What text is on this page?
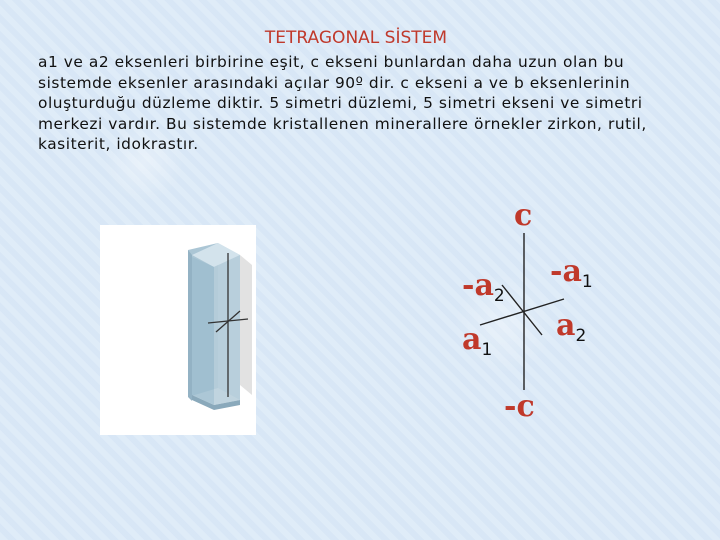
TETRAGONAL SİSTEM
a1 ve a2 eksenleri birbirine eşit, c ekseni bunlardan daha uzun olan bu sistemde eksenler arasındaki açılar 90º dir. c ekseni a ve b eksenlerinin oluşturduğu düzleme diktir. 5 simetri düzlemi, 5 simetri ekseni ve simetri merkezi vardır. Bu sistemde kristallenen minerallere örnekler zirkon, rutil, kasiterit, idokrastır.
c
$-a_2$
$-a_1$
$a_1$
$a_2$
-c
